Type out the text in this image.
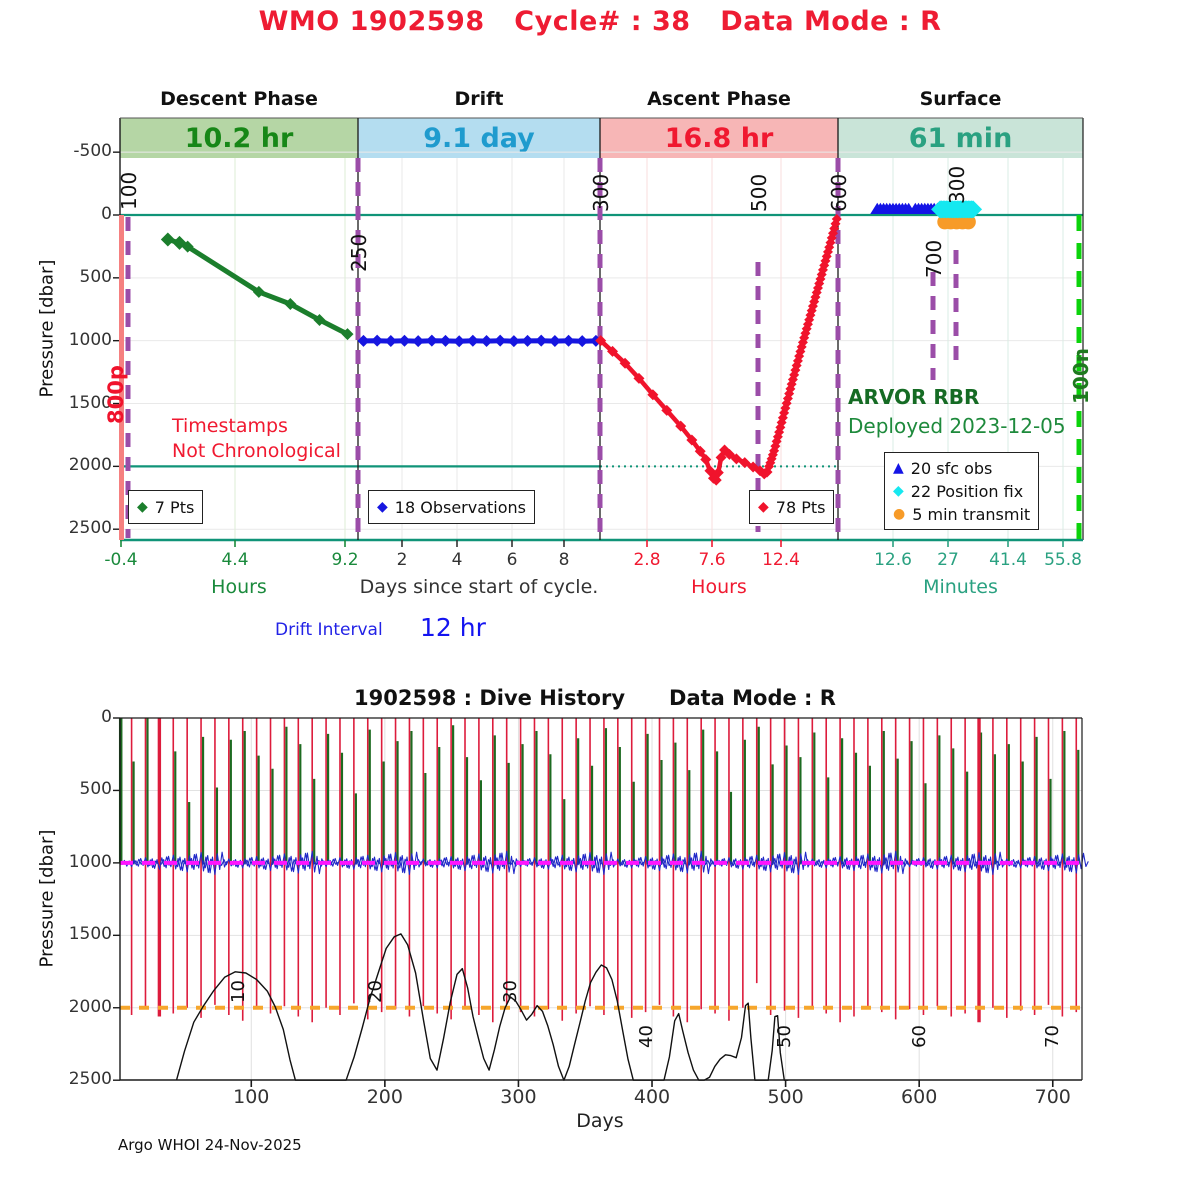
10.2 hr	9.1 day	16.8 hr	61 min
WMO 1902598   Cycle# : 38   Data Mode : R
Descent Phase	Drift	Ascent Phase	Surface
Pressure [dbar]
Pressure [dbar]
Timestamps
Not Chronological
ARVOR RBR
Deployed 2023-12-05
◆ 7 Pts	◆ 18 Observations	◆ 78 Pts
▲ 20 sfc obs
◆ 22 Position fix
● 5 min transmit
Drift Interval 12 hr
1902598 : Dive History Data Mode : R
Days
Argo WHOI 24-Nov-2025
-500
0
500
1000
1500
2000
2500
-0.4	4.4	9.2
Hours
2	4	6	8
Days since start of cycle.
2.8	7.6	12.4
Hours
12.6	27	41.4	55.8
Minutes
800p	100n
100
250
300	500	600
700
300
0
500
1000
1500
2000
2500
100	200	300	400	500	600	700
10	20	30
40	50	60	70
